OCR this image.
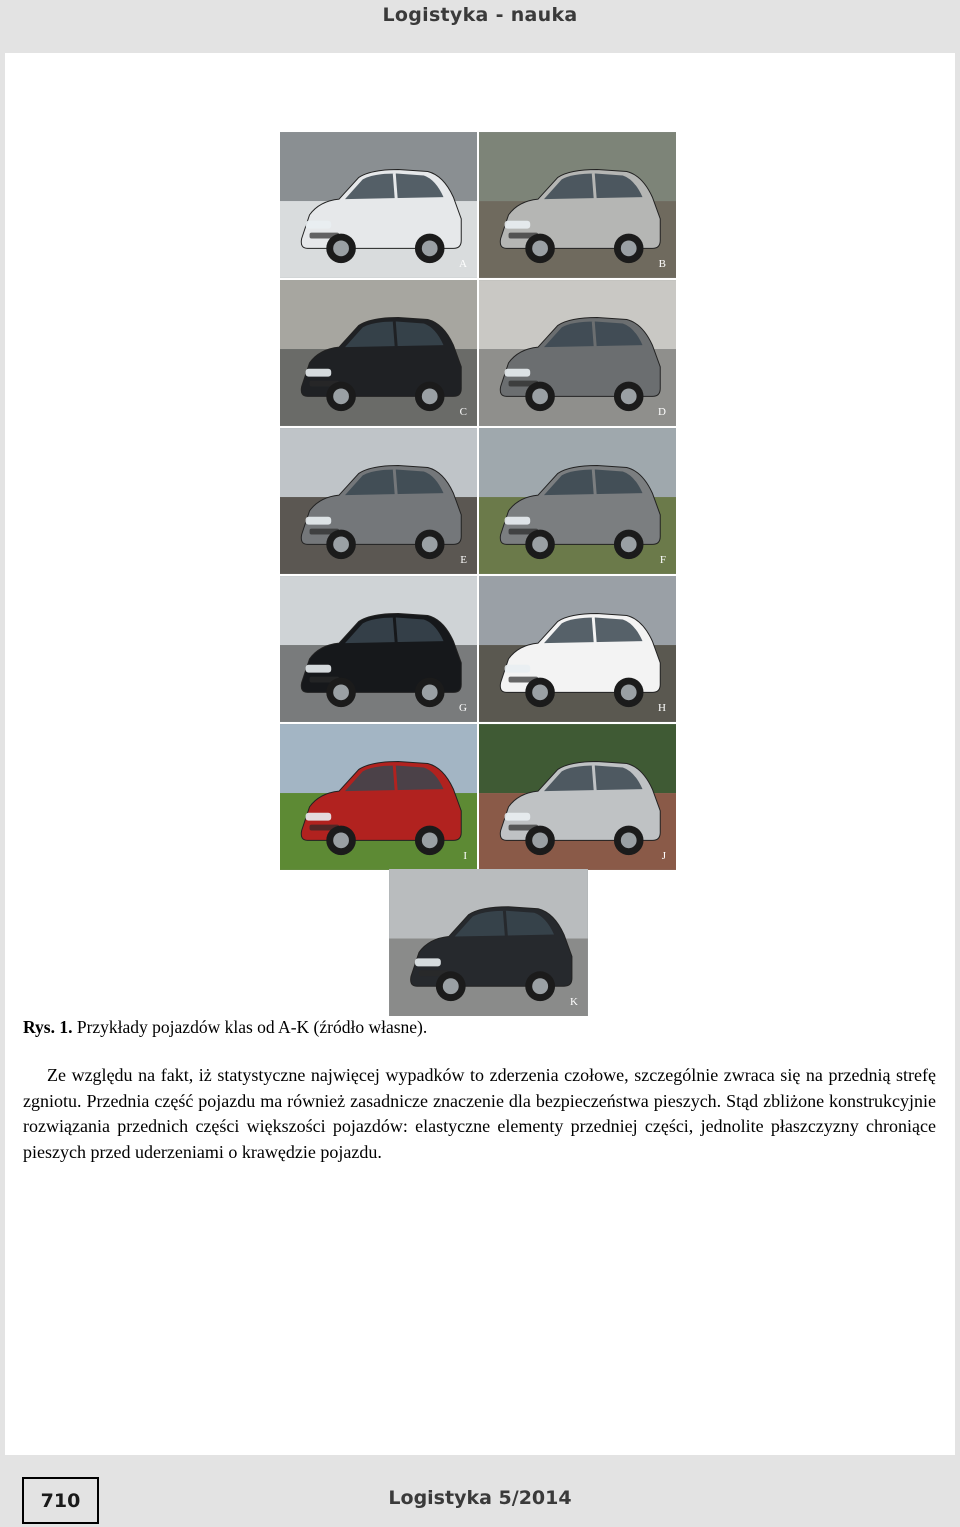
Logistyka - nauka
A	B
C	D
E	F
G	H
I	J
K
Rys. 1. Przykłady pojazdów klas od A-K (źródło własne).

Ze względu na fakt, iż statystyczne najwięcej wypadków to zderzenia czołowe, szczególnie zwraca się na przednią strefę zgniotu. Przednia część pojazdu ma również zasadnicze znaczenie dla bezpieczeństwa pieszych. Stąd zbliżone konstrukcyjnie rozwiązania przednich części większości pojazdów: elastyczne elementy przedniej części, jednolite płaszczyzny chroniące pieszych przed uderzeniami o krawędzie pojazdu.

710	Logistyka 5/2014
